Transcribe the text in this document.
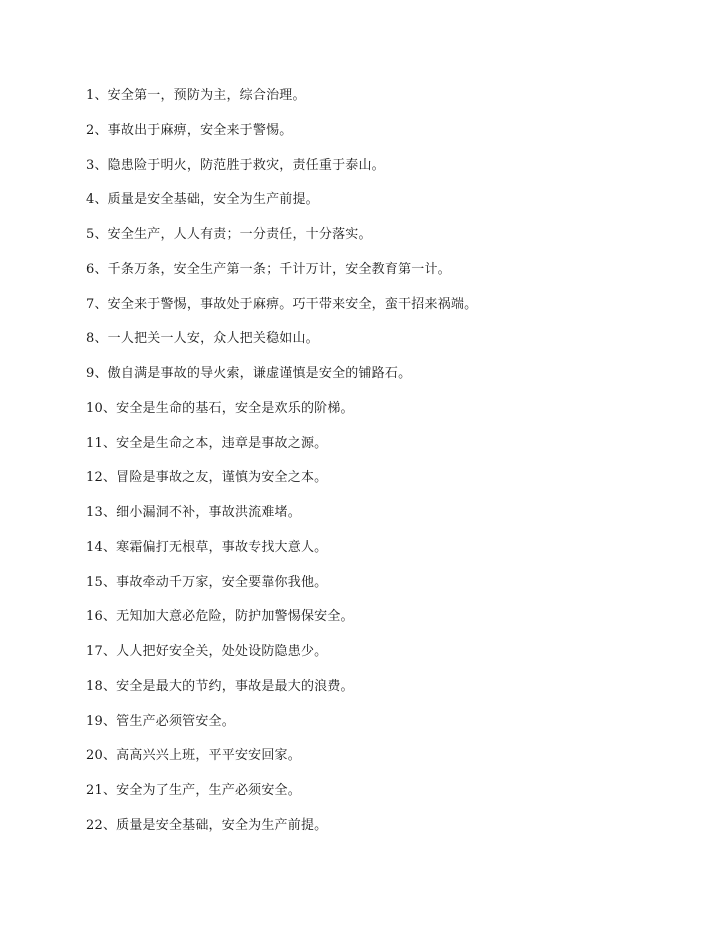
1、安全第一，预防为主，综合治理。
2、事故出于麻痹，安全来于警惕。
3、隐患险于明火，防范胜于救灾，责任重于泰山。
4、质量是安全基础，安全为生产前提。
5、安全生产，人人有责；一分责任，十分落实。
6、千条万条，安全生产第一条；千计万计，安全教育第一计。
7、安全来于警惕，事故处于麻痹。巧干带来安全，蛮干招来祸端。
8、一人把关一人安，众人把关稳如山。
9、傲自满是事故的导火索，谦虚谨慎是安全的铺路石。
10、安全是生命的基石，安全是欢乐的阶梯。
11、安全是生命之本，违章是事故之源。
12、冒险是事故之友，谨慎为安全之本。
13、细小漏洞不补，事故洪流难堵。
14、寒霜偏打无根草，事故专找大意人。
15、事故牵动千万家，安全要靠你我他。
16、无知加大意必危险，防护加警惕保安全。
17、人人把好安全关，处处设防隐患少。
18、安全是最大的节约，事故是最大的浪费。
19、管生产必须管安全。
20、高高兴兴上班，平平安安回家。
21、安全为了生产，生产必须安全。
22、质量是安全基础，安全为生产前提。
